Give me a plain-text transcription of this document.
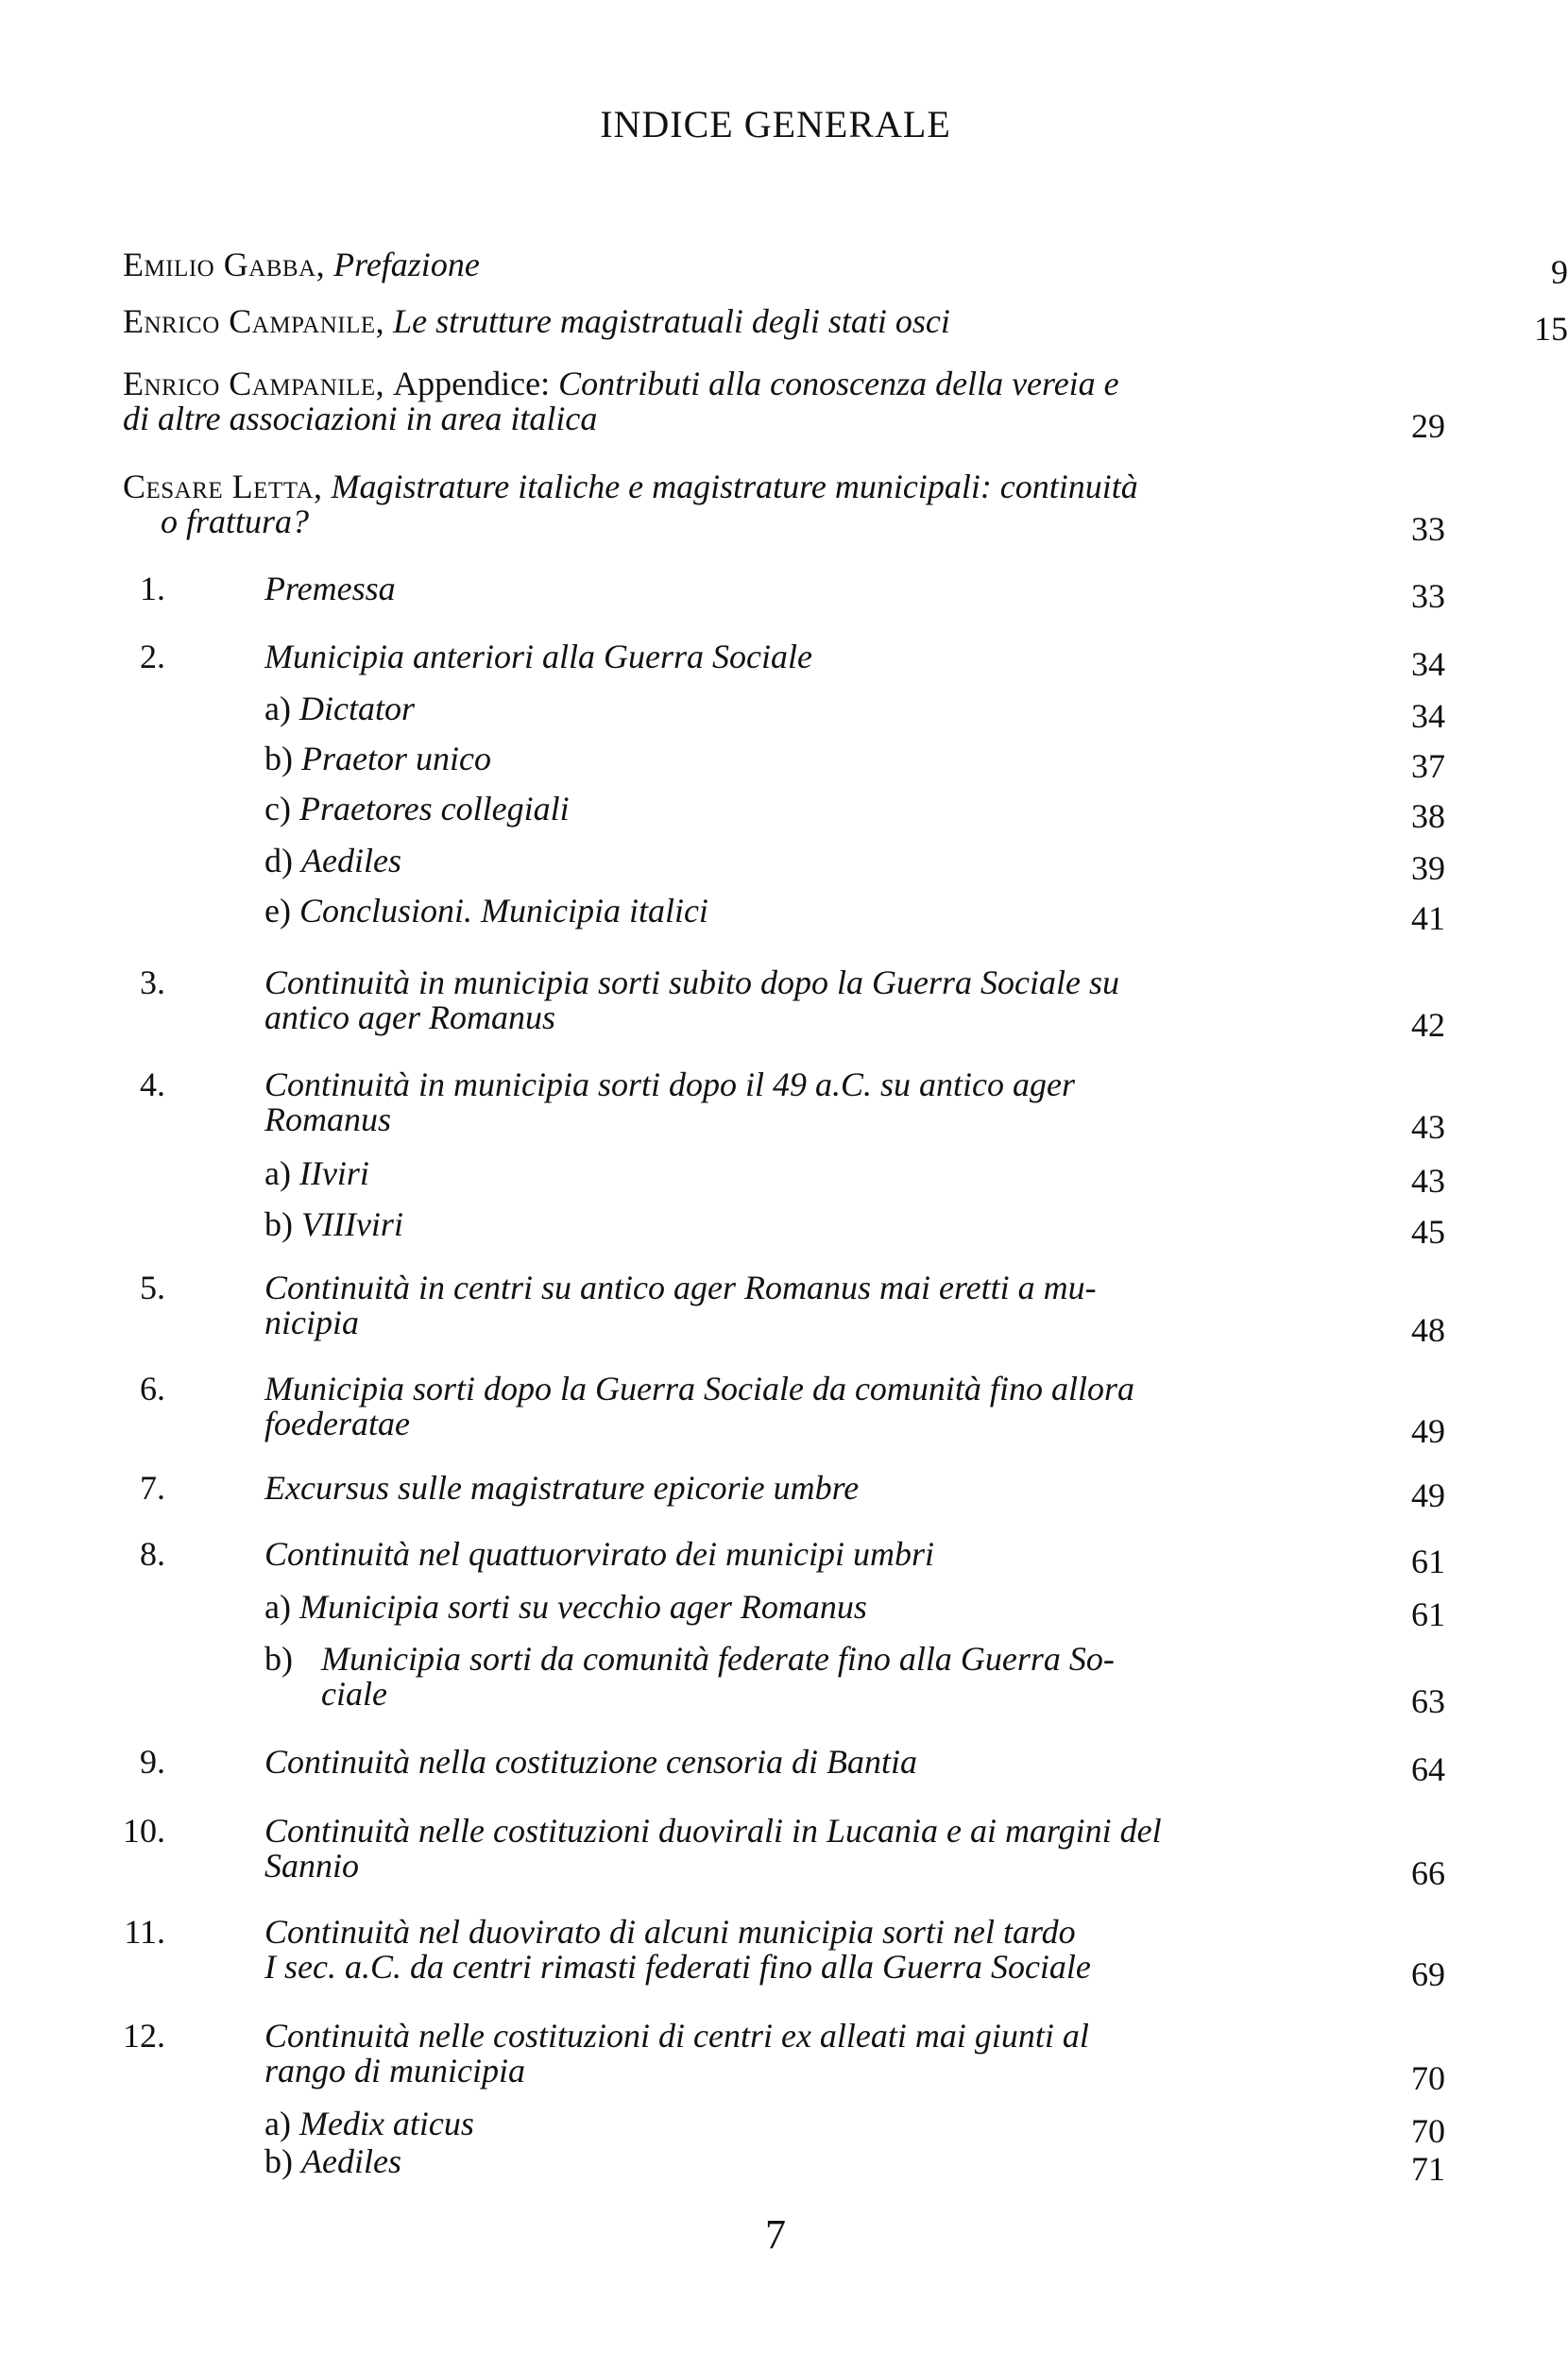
INDICE GENERALE
Emilio Gabba, Prefazione	9
Enrico Campanile, Le strutture magistratuali degli stati osci	15
Enrico Campanile, Appendice: Contributi alla conoscenza della vereia e
di altre associazioni in area italica	29
Cesare Letta, Magistrature italiche e magistrature municipali: continuità
o frattura?	33
1.	Premessa	33
2.	Municipia anteriori alla Guerra Sociale	34
a) Dictator	34
b) Praetor unico	37
c) Praetores collegiali	38
d) Aediles	39
e) Conclusioni. Municipia italici	41
3.	Continuità in municipia sorti subito dopo la Guerra Sociale su
antico ager Romanus	42
4.	Continuità in municipia sorti dopo il 49 a.C. su antico ager
Romanus	43
a) IIviri	43
b) VIIIviri	45
5.	Continuità in centri su antico ager Romanus mai eretti a mu-
nicipia	48
6.	Municipia sorti dopo la Guerra Sociale da comunità fino allora
foederatae	49
7.	Excursus sulle magistrature epicorie umbre	49
8.	Continuità nel quattuorvirato dei municipi umbri	61
a) Municipia sorti su vecchio ager Romanus	61
b) Municipia sorti da comunità federate fino alla Guerra So-
ciale	63
9.	Continuità nella costituzione censoria di Bantia	64
10.	Continuità nelle costituzioni duovirali in Lucania e ai margini del
Sannio	66
11.	Continuità nel duovirato di alcuni municipia sorti nel tardo
I sec. a.C. da centri rimasti federati fino alla Guerra Sociale	69
12.	Continuità nelle costituzioni di centri ex alleati mai giunti al
rango di municipia	70
a) Medix aticus	70
b) Aediles	71
7
